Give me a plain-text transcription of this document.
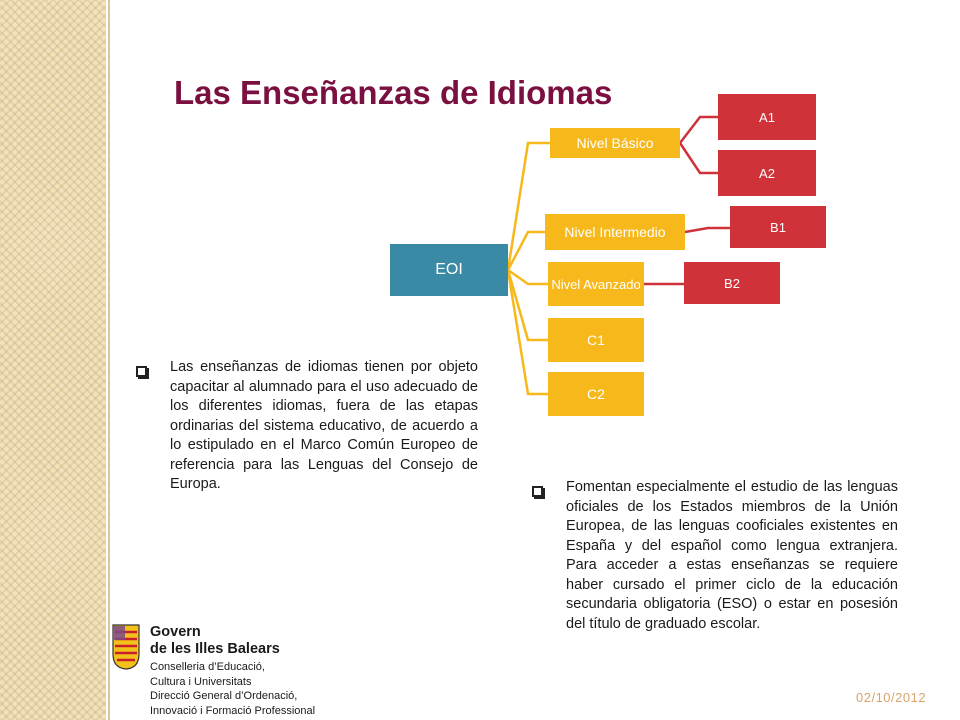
Las Enseñanzas de Idiomas
EOI
Nivel Básico
Nivel Intermedio
Nivel Avanzado
C1
C2
A1
A2
B1
B2
Las enseñanzas de idiomas tienen por objeto capacitar al alumnado para el uso adecuado de los diferentes idiomas, fuera de las etapas ordinarias del sistema educativo, de acuerdo a lo estipulado en el Marco Común Europeo de referencia para las Lenguas del Consejo de Europa.	Fomentan especialmente el estudio de las lenguas oficiales de los Estados miembros de la Unión Europea, de las lenguas cooficiales existentes en España y del español como lengua extranjera. Para acceder a estas enseñanzas se requiere haber cursado el primer ciclo de la educación secundaria obligatoria (ESO) o estar en posesión del título de graduado escolar.
Govern
de les Illes Balears
Conselleria d’Educació,
Cultura i Universitats
Direcció General d’Ordenació,
Innovació i Formació Professional
02/10/2012
